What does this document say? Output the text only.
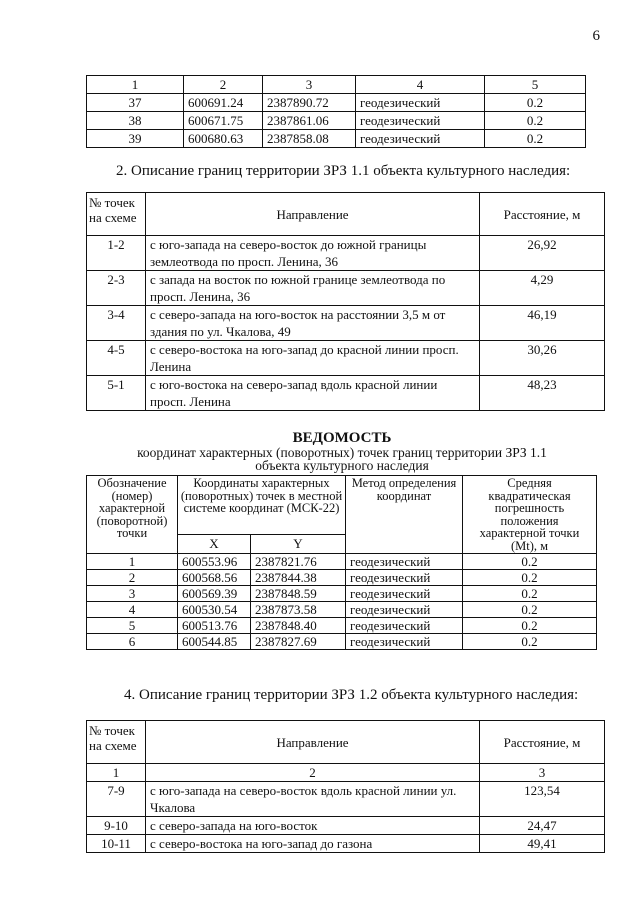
6
1	2	3	4	5
37	600691.24	2387890.72	геодезический	0.2
38	600671.75	2387861.06	геодезический	0.2
39	600680.63	2387858.08	геодезический	0.2
2. Описание границ территории ЗРЗ 1.1 объекта культурного наследия:
№ точек на схеме	Направление	Расстояние, м
1-2	с юго-запада на северо-восток до южной границы землеотвода по просп. Ленина, 36	26,92
2-3	с запада на восток по южной границе землеотвода по просп. Ленина, 36	4,29
3-4	с северо-запада на юго-восток на расстоянии 3,5 м от здания по ул. Чкалова, 49	46,19
4-5	с северо-востока на юго-запад до красной линии просп. Ленина	30,26
5-1	с юго-востока на северо-запад вдоль красной линии просп. Ленина	48,23
ВЕДОМОСТЬ
координат характерных (поворотных) точек границ территории ЗРЗ 1.1
объекта культурного наследия
Обозначение (номер) характерной (поворотной) точки	Координаты характерных (поворотных) точек в местной системе координат (МСК-22)		Метод определения координат	Средняя квадратическая погрешность положения характерной точки (Mt), м
	X	Y		
1	600553.96	2387821.76	геодезический	0.2
2	600568.56	2387844.38	геодезический	0.2
3	600569.39	2387848.59	геодезический	0.2
4	600530.54	2387873.58	геодезический	0.2
5	600513.76	2387848.40	геодезический	0.2
6	600544.85	2387827.69	геодезический	0.2
4. Описание границ территории ЗРЗ 1.2 объекта культурного наследия:
№ точек на схеме	Направление	Расстояние, м
1	2	3
7-9	с юго-запада на северо-восток вдоль красной линии ул. Чкалова	123,54
9-10	с северо-запада на юго-восток	24,47
10-11	с северо-востока на юго-запад до газона	49,41
